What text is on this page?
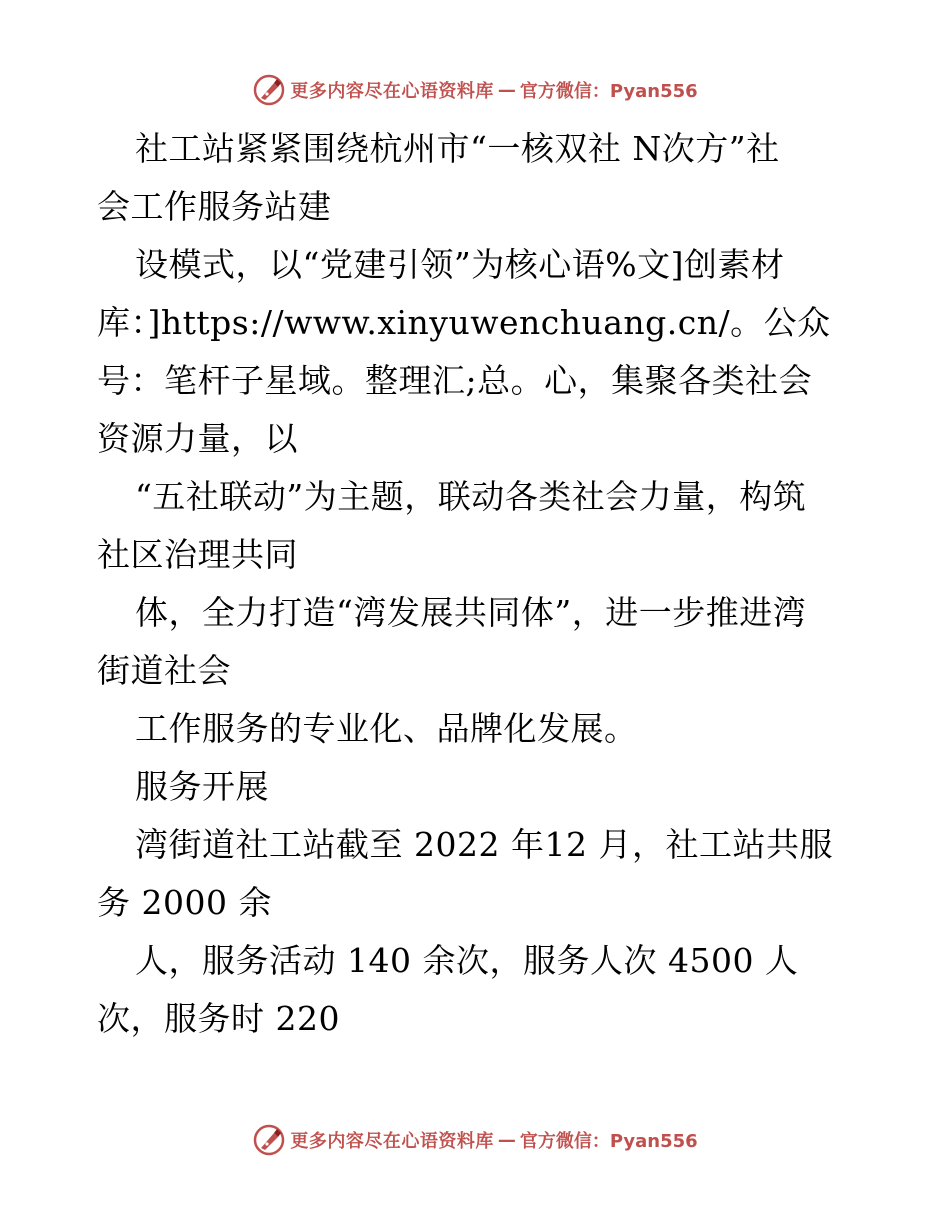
更多内容尽在心语资料库 — 官方微信：Pyan556
社工站紧紧围绕杭州市“一核双社 N次方”社
会工作服务站建
设模式，以“党建引领”为核心语%文]创素材
库：]https://www.xinyuwenchuang.cn/。公众
号：笔杆子星域。整理汇;总。心，集聚各类社会
资源力量，以
“五社联动”为主题，联动各类社会力量，构筑
社区治理共同
体，全力打造“湾发展共同体”，进一步推进湾
街道社会
工作服务的专业化、品牌化发展。
服务开展
湾街道社工站截至 2022 年12 月，社工站共服
务 2000 余
人，服务活动 140 余次，服务人次 4500 人
次，服务时 220
更多内容尽在心语资料库 — 官方微信：Pyan556
